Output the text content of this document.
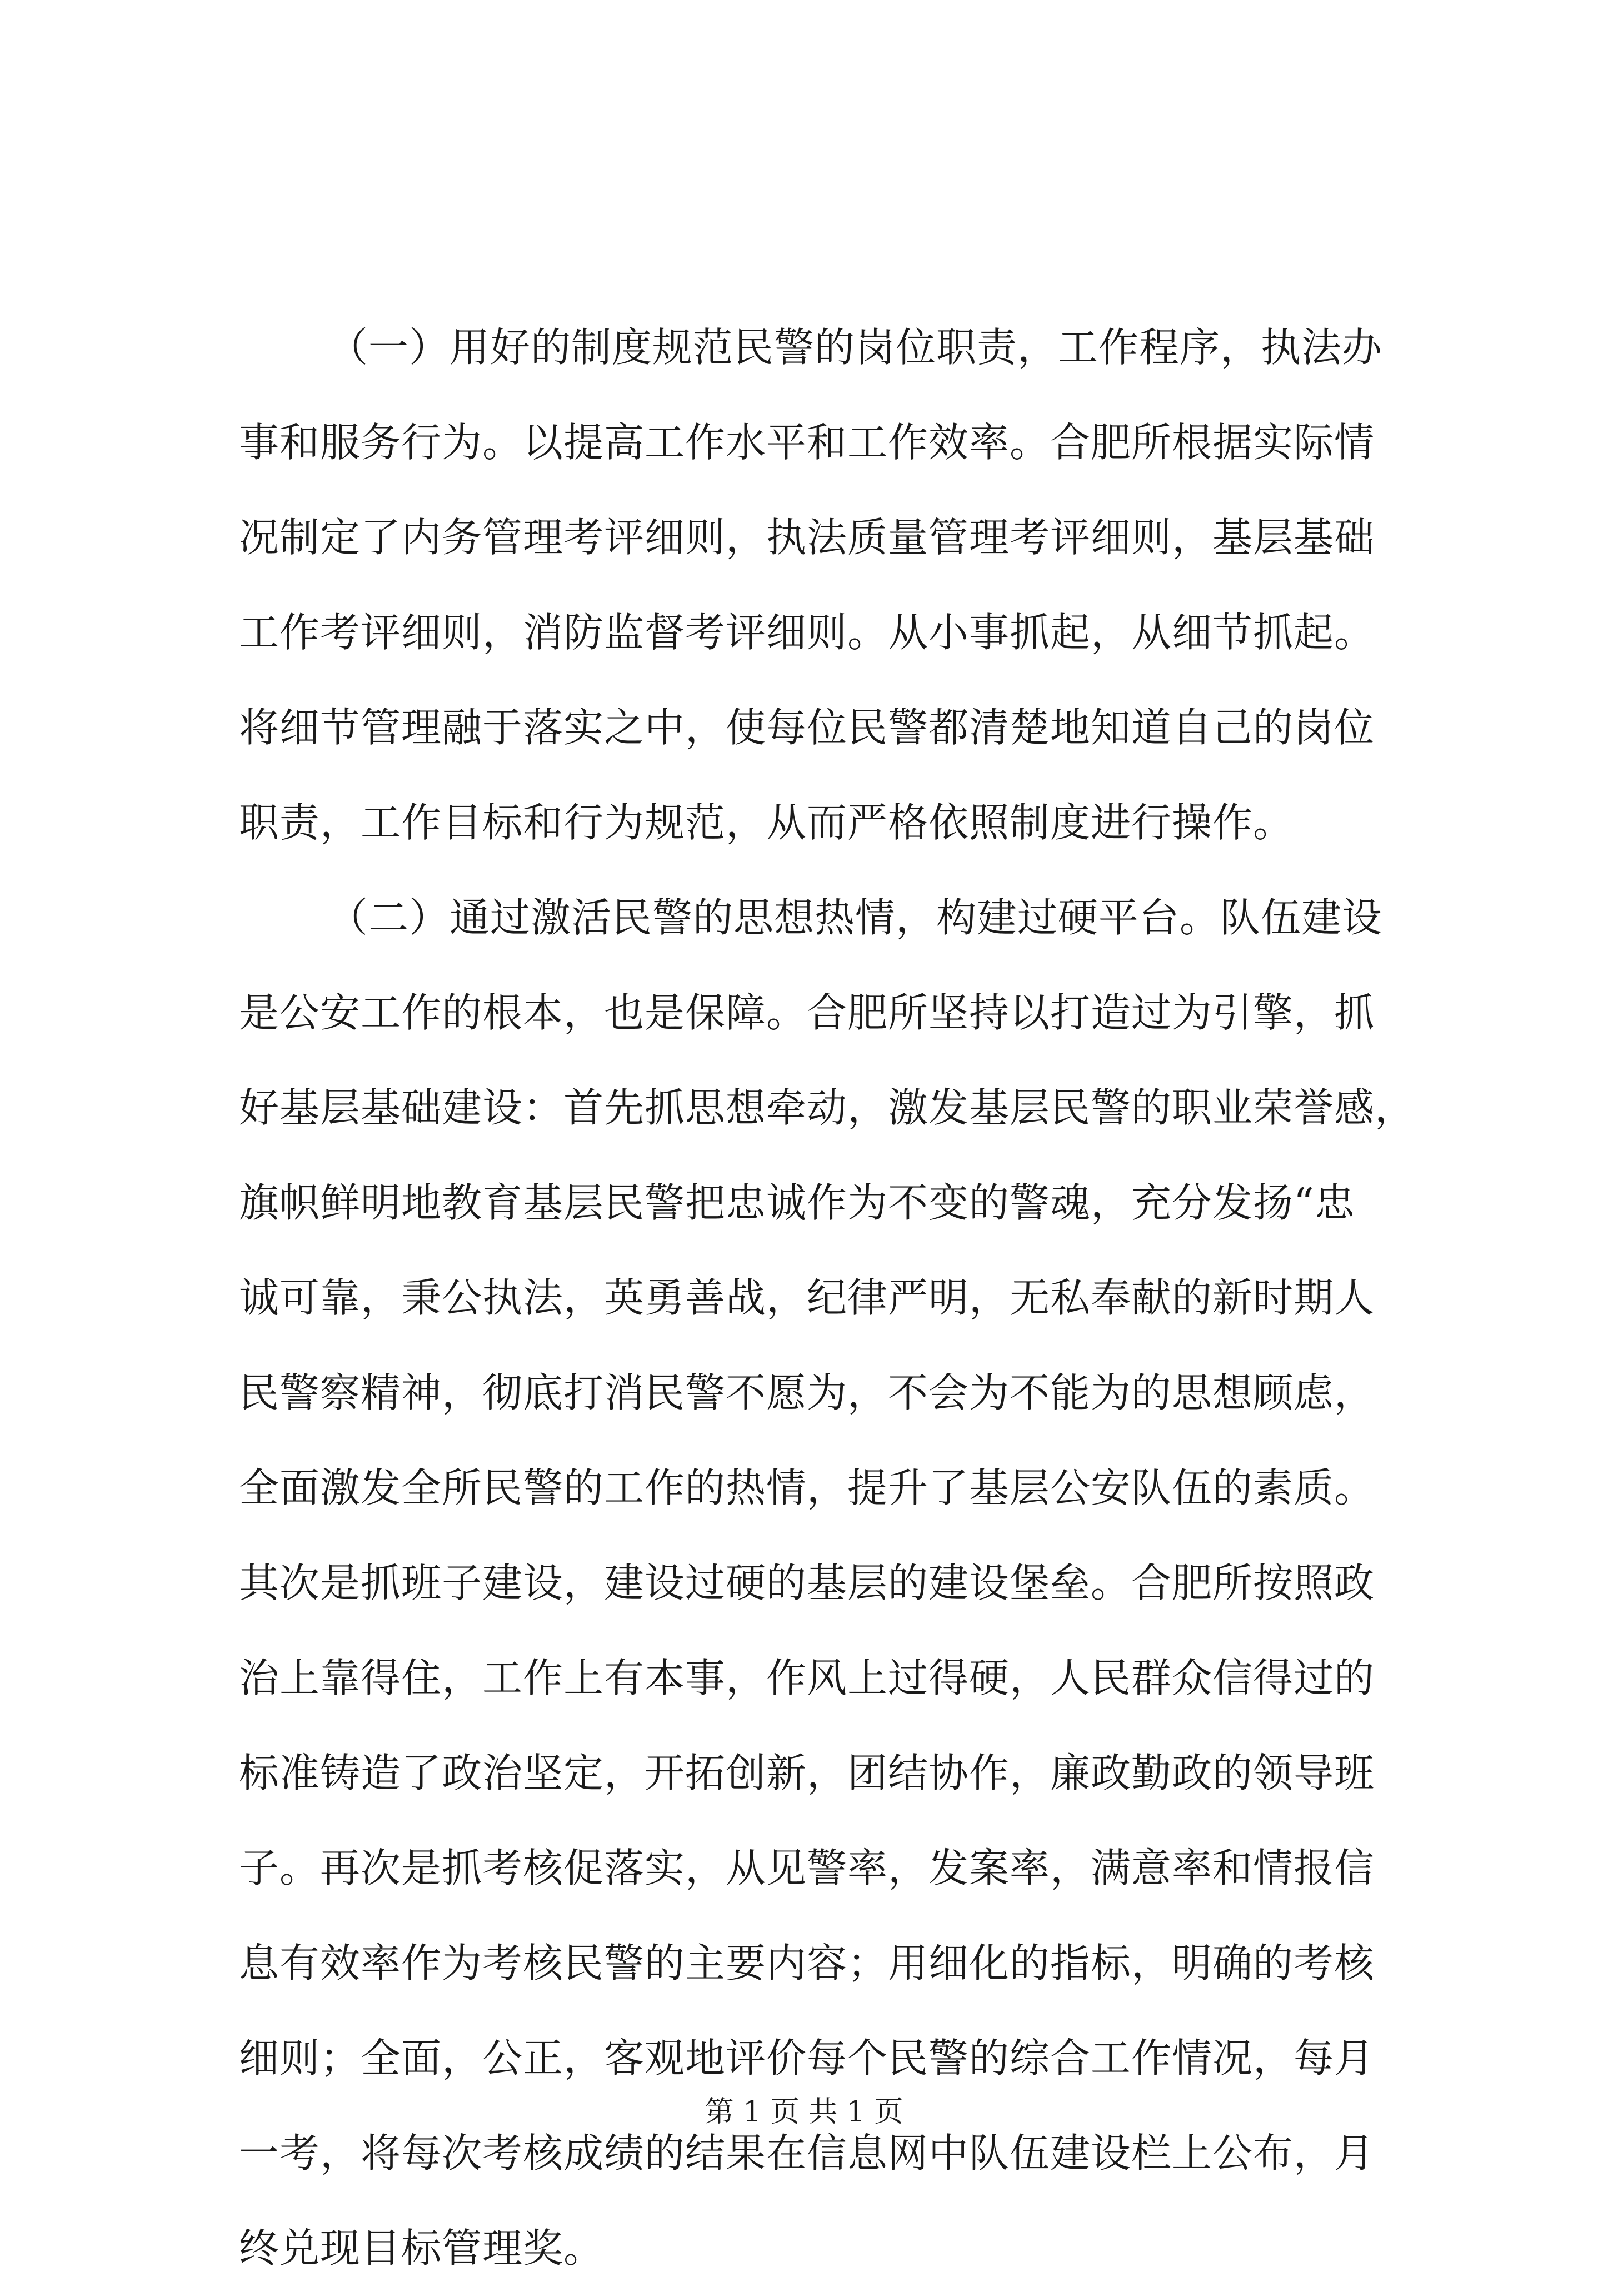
（一）用好的制度规范民警的岗位职责，工作程序，执法办
事和服务行为。以提高工作水平和工作效率。合肥所根据实际情
况制定了内务管理考评细则，执法质量管理考评细则，基层基础
工作考评细则，消防监督考评细则。从小事抓起，从细节抓起。
将细节管理融于落实之中，使每位民警都清楚地知道自己的岗位
职责，工作目标和行为规范，从而严格依照制度进行操作。
（二）通过激活民警的思想热情，构建过硬平台。队伍建设
是公安工作的根本，也是保障。合肥所坚持以打造过为引擎，抓
好基层基础建设：首先抓思想牵动，激发基层民警的职业荣誉感，
旗帜鲜明地教育基层民警把忠诚作为不变的警魂，充分发扬“忠
诚可靠，秉公执法，英勇善战，纪律严明，无私奉献的新时期人
民警察精神，彻底打消民警不愿为，不会为不能为的思想顾虑，
全面激发全所民警的工作的热情，提升了基层公安队伍的素质。
其次是抓班子建设，建设过硬的基层的建设堡垒。合肥所按照政
治上靠得住，工作上有本事，作风上过得硬，人民群众信得过的
标准铸造了政治坚定，开拓创新，团结协作，廉政勤政的领导班
子。再次是抓考核促落实，从见警率，发案率，满意率和情报信
息有效率作为考核民警的主要内容；用细化的指标，明确的考核
细则；全面，公正，客观地评价每个民警的综合工作情况，每月
一考，将每次考核成绩的结果在信息网中队伍建设栏上公布，月
终兑现目标管理奖。
第 1 页 共 1 页
